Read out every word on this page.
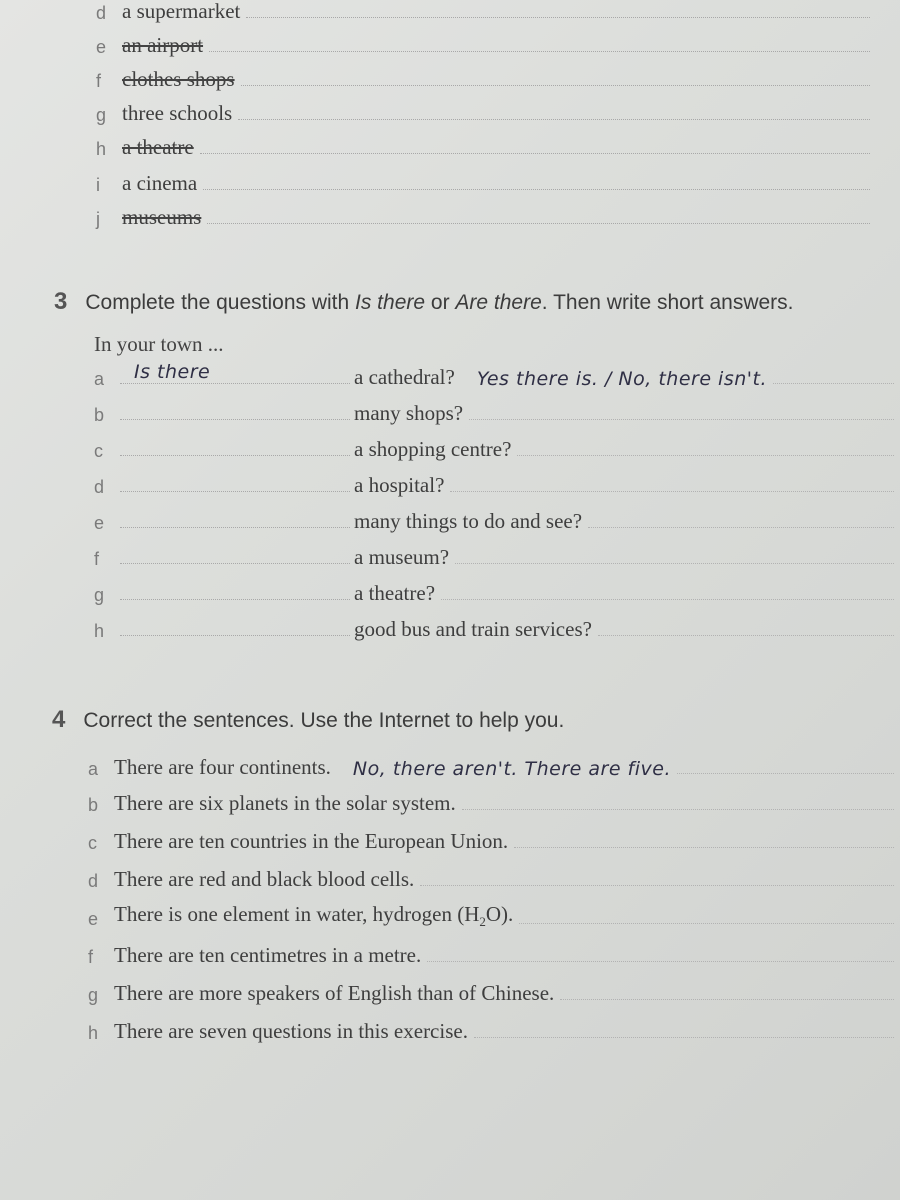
d a supermarket
e an airport
f clothes shops
g three schools
h a theatre
i	a cinema
j	museums
3 Complete the questions with Is there or Are there. Then write short answers.
In your town ...
a	Is there	a cathedral? Yes there is. / No, there isn't.
b	many shops?
c	a shopping centre?
d	a hospital?
e	many things to do and see?
f	a museum?
g	a theatre?
h	good bus and train services?
4 Correct the sentences. Use the Internet to help you.
a There are four continents. No, there aren't. There are five.
b There are six planets in the solar system.
c There are ten countries in the European Union.
d There are red and black blood cells.
e There is one element in water, hydrogen $(H_2O)$.
f There are ten centimetres in a metre.
g There are more speakers of English than of Chinese.
h There are seven questions in this exercise.
